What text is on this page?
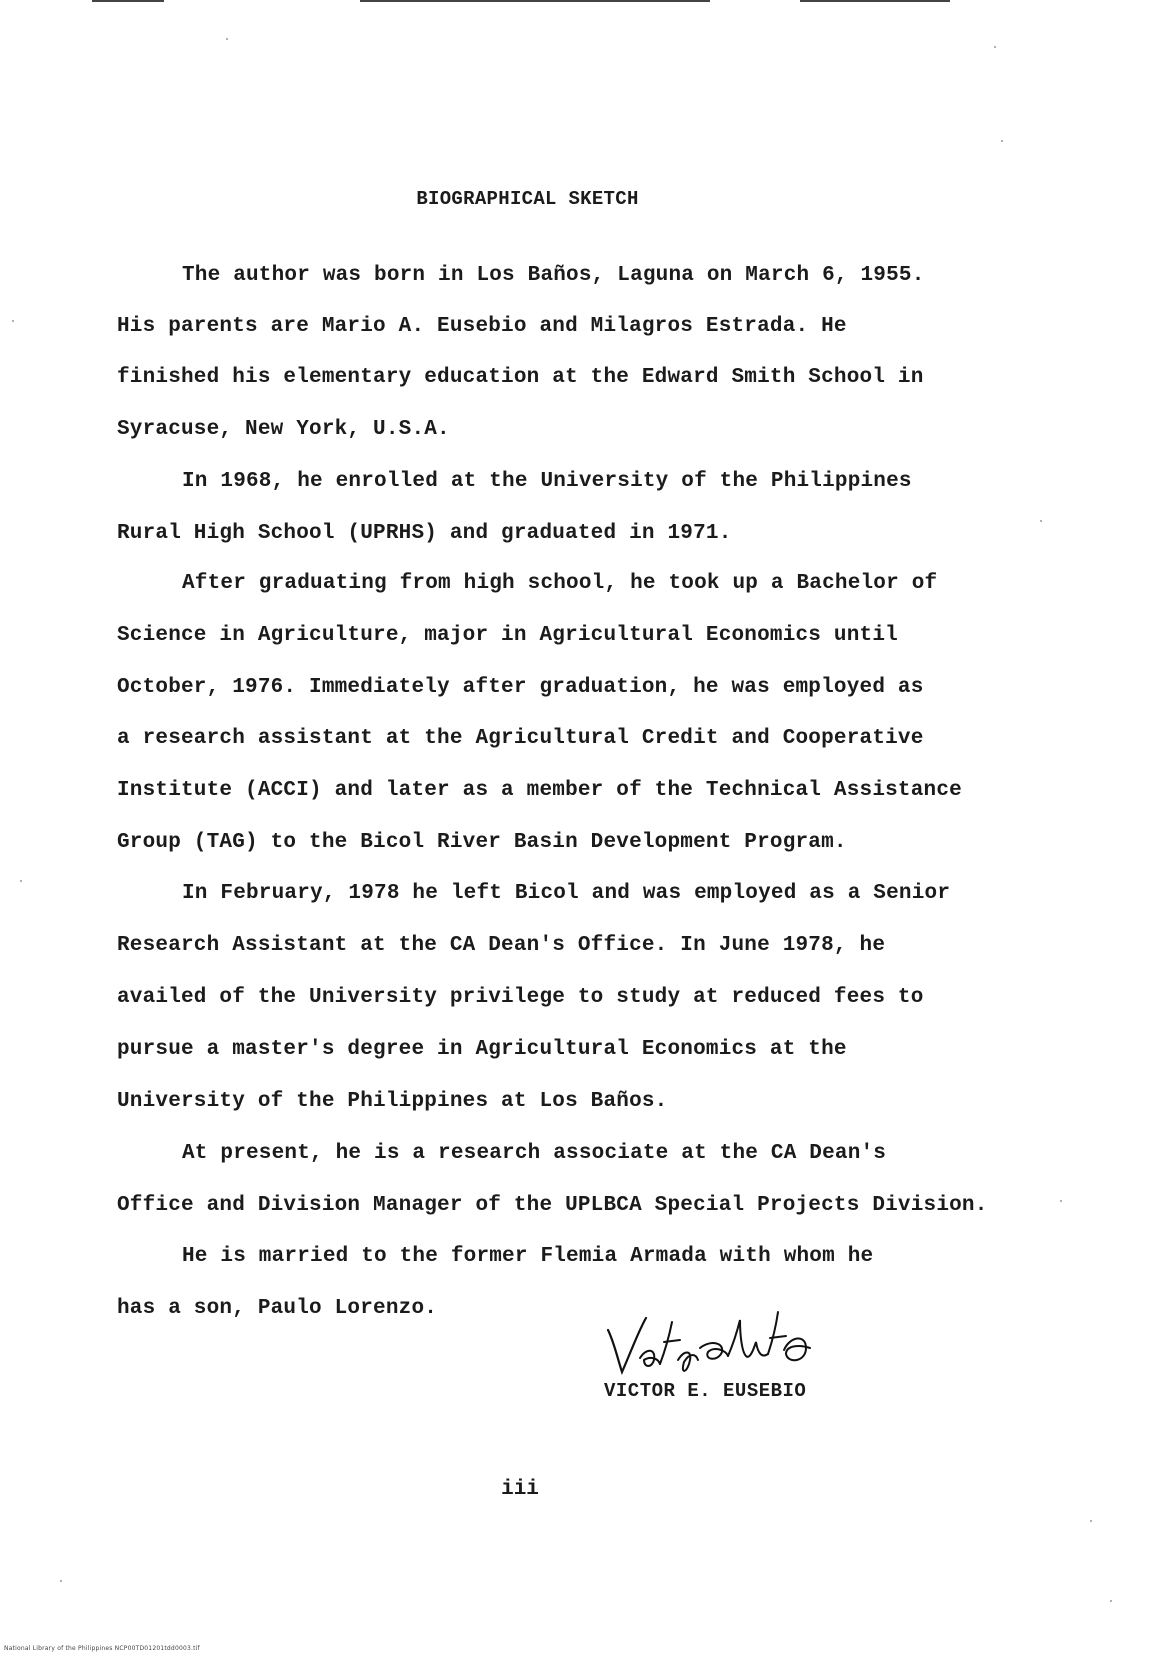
BIOGRAPHICAL SKETCH
The author was born in Los Baños, Laguna on March 6, 1955.
His parents are Mario A. Eusebio and Milagros Estrada. He
finished his elementary education at the Edward Smith School in
Syracuse, New York, U.S.A.
In 1968, he enrolled at the University of the Philippines
Rural High School (UPRHS) and graduated in 1971.
After graduating from high school, he took up a Bachelor of
Science in Agriculture, major in Agricultural Economics until
October, 1976. Immediately after graduation, he was employed as
a research assistant at the Agricultural Credit and Cooperative
Institute (ACCI) and later as a member of the Technical Assistance
Group (TAG) to the Bicol River Basin Development Program.
In February, 1978 he left Bicol and was employed as a Senior
Research Assistant at the CA Dean's Office. In June 1978, he
availed of the University privilege to study at reduced fees to
pursue a master's degree in Agricultural Economics at the
University of the Philippines at Los Baños.
At present, he is a research associate at the CA Dean's
Office and Division Manager of the UPLBCA Special Projects Division.
He is married to the former Flemia Armada with whom he
has a son, Paulo Lorenzo.
VICTOR E. EUSEBIO
iii
National Library of the Philippines NCP00TD01201tdd0003.tif
